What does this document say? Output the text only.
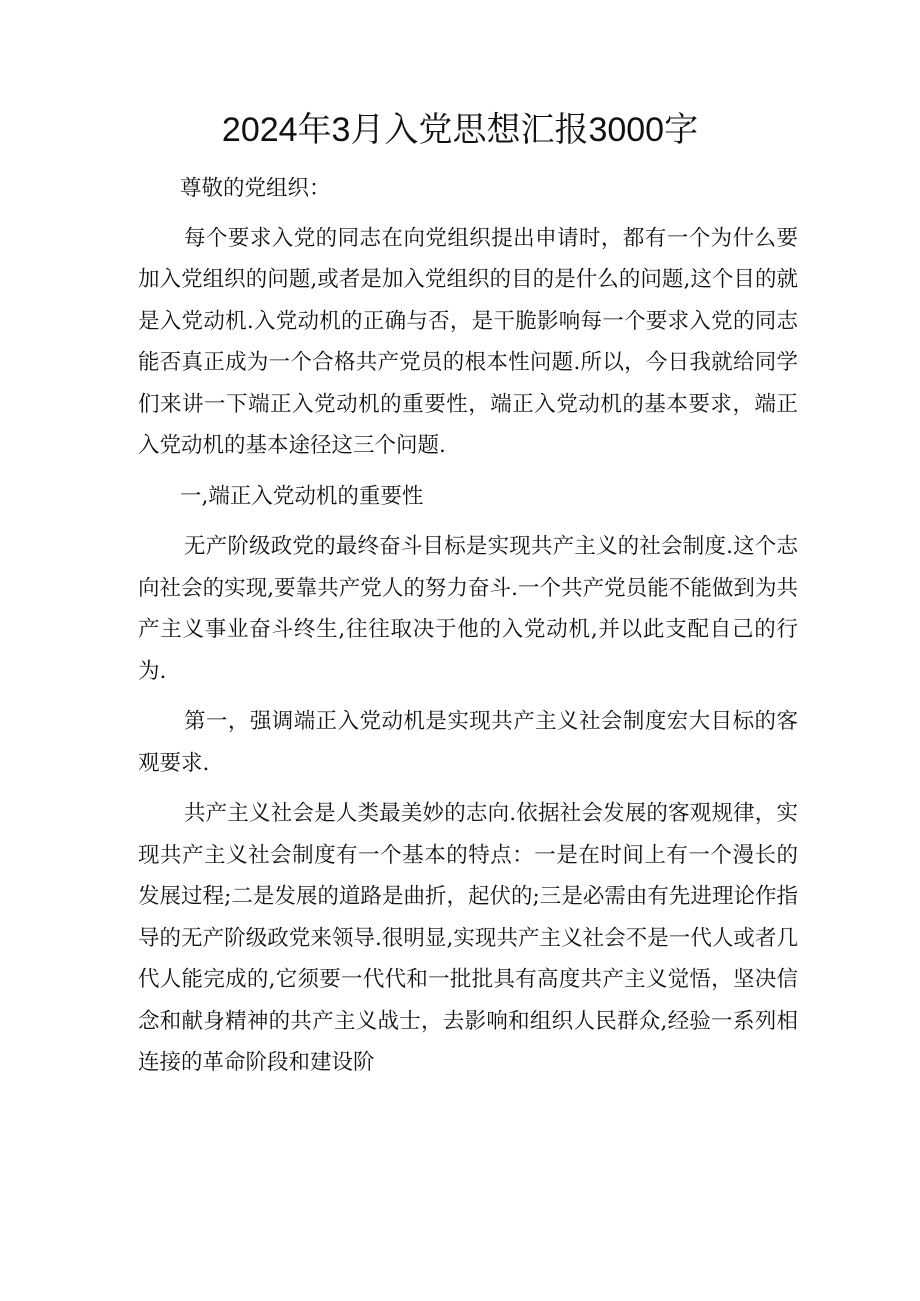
2024年3月入党思想汇报3000字

尊敬的党组织：

每个要求入党的同志在向党组织提出申请时，都有一个为什么要加入党组织的问题,或者是加入党组织的目的是什么的问题,这个目的就是入党动机.入党动机的正确与否，是干脆影响每一个要求入党的同志能否真正成为一个合格共产党员的根本性问题.所以，今日我就给同学们来讲一下端正入党动机的重要性，端正入党动机的基本要求，端正入党动机的基本途径这三个问题.

一,端正入党动机的重要性

无产阶级政党的最终奋斗目标是实现共产主义的社会制度.这个志向社会的实现,要靠共产党人的努力奋斗.一个共产党员能不能做到为共产主义事业奋斗终生,往往取决于他的入党动机,并以此支配自己的行为.

第一，强调端正入党动机是实现共产主义社会制度宏大目标的客观要求.

共产主义社会是人类最美妙的志向.依据社会发展的客观规律，实现共产主义社会制度有一个基本的特点：一是在时间上有一个漫长的发展过程;二是发展的道路是曲折，起伏的;三是必需由有先进理论作指导的无产阶级政党来领导.很明显,实现共产主义社会不是一代人或者几代人能完成的,它须要一代代和一批批具有高度共产主义觉悟，坚决信念和献身精神的共产主义战士，去影响和组织人民群众,经验一系列相连接的革命阶段和建设阶
